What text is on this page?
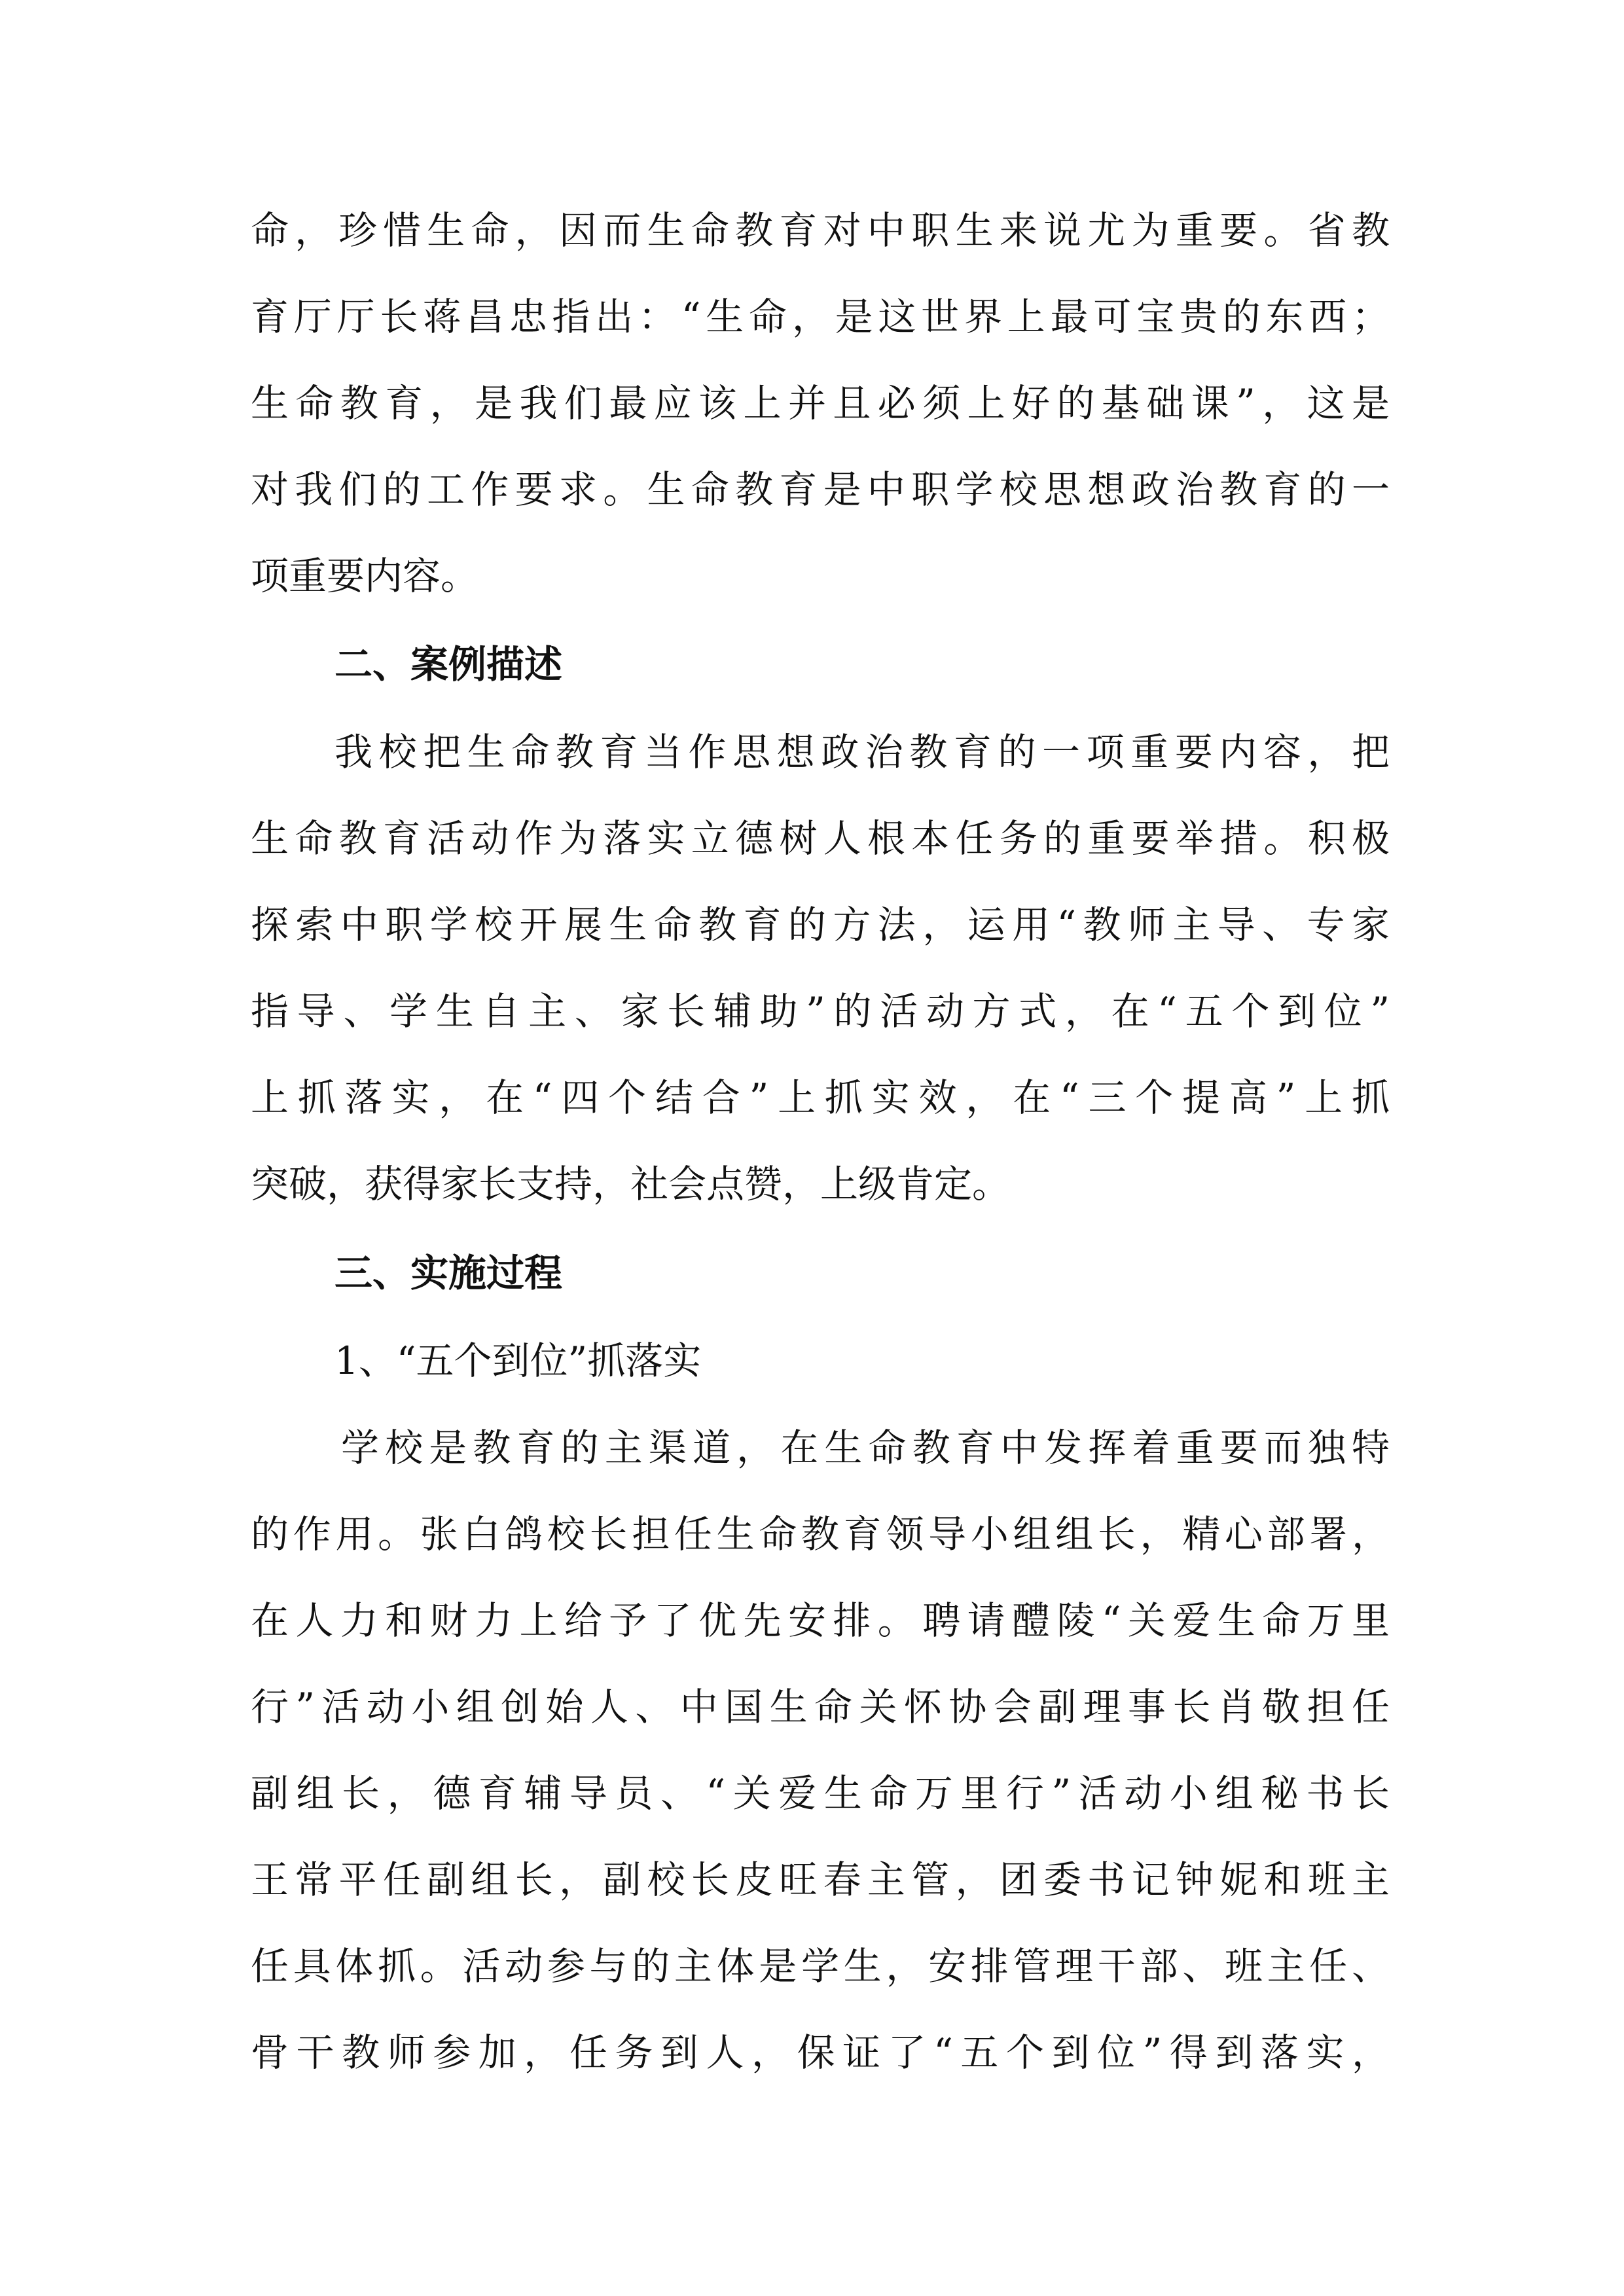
命，珍惜生命，因而生命教育对中职生来说尤为重要。省教
育厅厅长蒋昌忠指出：“生命，是这世界上最可宝贵的东西；
生命教育，是我们最应该上并且必须上好的基础课”，这是
对我们的工作要求。生命教育是中职学校思想政治教育的一
项重要内容。
二、案例描述
我校把生命教育当作思想政治教育的一项重要内容，把
生命教育活动作为落实立德树人根本任务的重要举措。积极
探索中职学校开展生命教育的方法，运用“教师主导、专家
指导、学生自主、家长辅助”的活动方式，在“五个到位”
上抓落实，在“四个结合”上抓实效，在“三个提高”上抓
突破，获得家长支持，社会点赞，上级肯定。
三、实施过程
1、“五个到位”抓落实
学校是教育的主渠道，在生命教育中发挥着重要而独特
的作用。张白鸽校长担任生命教育领导小组组长，精心部署，
在人力和财力上给予了优先安排。聘请醴陵“关爱生命万里
行”活动小组创始人、中国生命关怀协会副理事长肖敬担任
副组长，德育辅导员、“关爱生命万里行”活动小组秘书长
王常平任副组长，副校长皮旺春主管，团委书记钟妮和班主
任具体抓。活动参与的主体是学生，安排管理干部、班主任、
骨干教师参加，任务到人，保证了“五个到位”得到落实，
